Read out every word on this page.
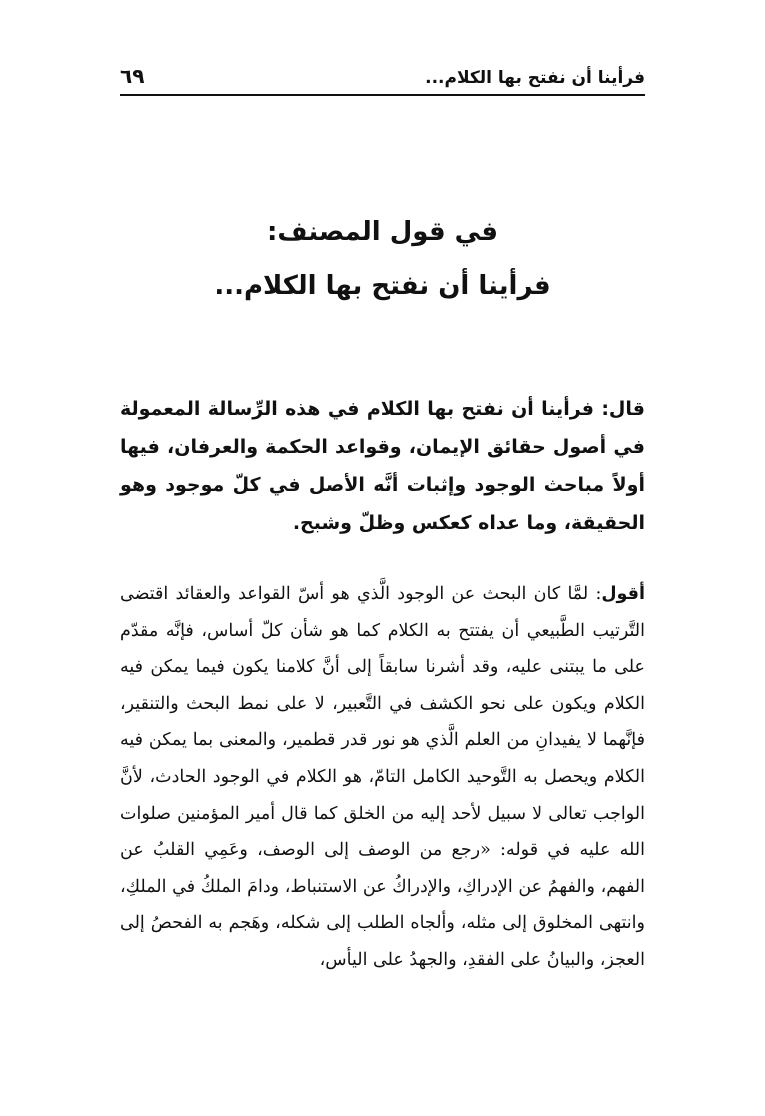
فرأينا أن نفتح بها الكلام...
٦٩
في قول المصنف:
فرأينا أن نفتح بها الكلام...

قال: فرأينا أن نفتح بها الكلام في هذه الرِّسالة المعمولة في أصول حقائق الإيمان، وقواعد الحكمة والعرفان، فيها أولاً مباحث الوجود وإثبات أنَّه الأصل في كلّ موجود وهو الحقيقة، وما عداه كعكس وظلّ وشبح.

أقول: لمَّا كان البحث عن الوجود الَّذي هو أسّ القواعد والعقائد اقتضى التَّرتيب الطَّبيعي أن يفتتح به الكلام كما هو شأن كلّ أساس، فإنَّه مقدّم على ما يبتنى عليه، وقد أشرنا سابقاً إلى أنَّ كلامنا يكون فيما يمكن فيه الكلام ويكون على نحو الكشف في التَّعبير، لا على نمط البحث والتنقير، فإنَّهما لا يفيدانِ من العلم الَّذي هو نور قدر قطمير، والمعنى بما يمكن فيه الكلام ويحصل به التَّوحيد الكامل التامّ، هو الكلام في الوجود الحادث، لأنَّ الواجب تعالى لا سبيل لأحد إليه من الخلق كما قال أمير المؤمنين صلوات الله عليه في قوله: «رجع من الوصف إلى الوصف، وعَمِي القلبُ عن الفهم، والفهمُ عن الإدراكِ، والإدراكُ عن الاستنباط، ودامَ الملكُ في الملكِ، وانتهى المخلوق إلى مثله، وألجاه الطلب إلى شكله، وهَجم به الفحصُ إلى العجز، والبيانُ على الفقدِ، والجهدُ على اليأس،
